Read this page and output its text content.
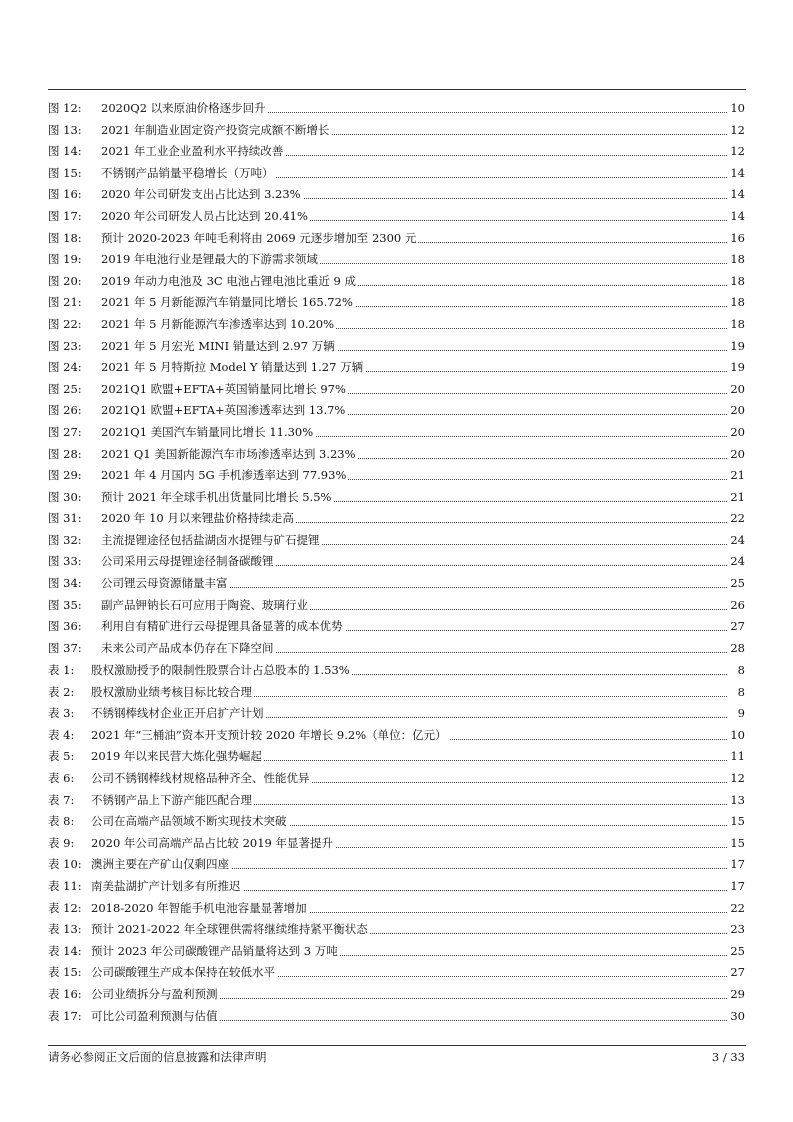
图 12:	2020Q2 以来原油价格逐步回升	10
图 13:	2021 年制造业固定资产投资完成额不断增长	12
图 14:	2021 年工业企业盈利水平持续改善	12
图 15:	不锈钢产品销量平稳增长（万吨）	14
图 16:	2020 年公司研发支出占比达到 3.23%	14
图 17:	2020 年公司研发人员占比达到 20.41%	14
图 18:	预计 2020-2023 年吨毛利将由 2069 元逐步增加至 2300 元	16
图 19:	2019 年电池行业是锂最大的下游需求领域	18
图 20:	2019 年动力电池及 3C 电池占锂电池比重近 9 成	18
图 21:	2021 年 5 月新能源汽车销量同比增长 165.72%	18
图 22:	2021 年 5 月新能源汽车渗透率达到 10.20%	18
图 23:	2021 年 5 月宏光 MINI 销量达到 2.97 万辆	19
图 24:	2021 年 5 月特斯拉 Model Y 销量达到 1.27 万辆	19
图 25:	2021Q1 欧盟+EFTA+英国销量同比增长 97%	20
图 26:	2021Q1 欧盟+EFTA+英国渗透率达到 13.7%	20
图 27:	2021Q1 美国汽车销量同比增长 11.30%	20
图 28:	2021 Q1 美国新能源汽车市场渗透率达到 3.23%	20
图 29:	2021 年 4 月国内 5G 手机渗透率达到 77.93%	21
图 30:	预计 2021 年全球手机出货量同比增长 5.5%	21
图 31:	2020 年 10 月以来锂盐价格持续走高	22
图 32:	主流提锂途径包括盐湖卤水提锂与矿石提锂	24
图 33:	公司采用云母提锂途径制备碳酸锂	24
图 34:	公司锂云母资源储量丰富	25
图 35:	副产品钾钠长石可应用于陶瓷、玻璃行业	26
图 36:	利用自有精矿进行云母提锂具备显著的成本优势	27
图 37:	未来公司产品成本仍存在下降空间	28
表 1:	股权激励授予的限制性股票合计占总股本的 1.53%	8
表 2:	股权激励业绩考核目标比较合理	8
表 3:	不锈钢棒线材企业正开启扩产计划	9
表 4:	2021 年“三桶油”资本开支预计较 2020 年增长 9.2%（单位：亿元）	10
表 5:	2019 年以来民营大炼化强势崛起	11
表 6:	公司不锈钢棒线材规格品种齐全、性能优异	12
表 7:	不锈钢产品上下游产能匹配合理	13
表 8:	公司在高端产品领域不断实现技术突破	15
表 9:	2020 年公司高端产品占比较 2019 年显著提升	15
表 10: 澳洲主要在产矿山仅剩四座	17
表 11: 南美盐湖扩产计划多有所推迟	17
表 12: 2018-2020 年智能手机电池容量显著增加	22
表 13: 预计 2021-2022 年全球锂供需将继续维持紧平衡状态	23
表 14: 预计 2023 年公司碳酸锂产品销量将达到 3 万吨	25
表 15: 公司碳酸锂生产成本保持在较低水平	27
表 16: 公司业绩拆分与盈利预测	29
表 17: 可比公司盈利预测与估值	30
请务必参阅正文后面的信息披露和法律声明	3 / 33
